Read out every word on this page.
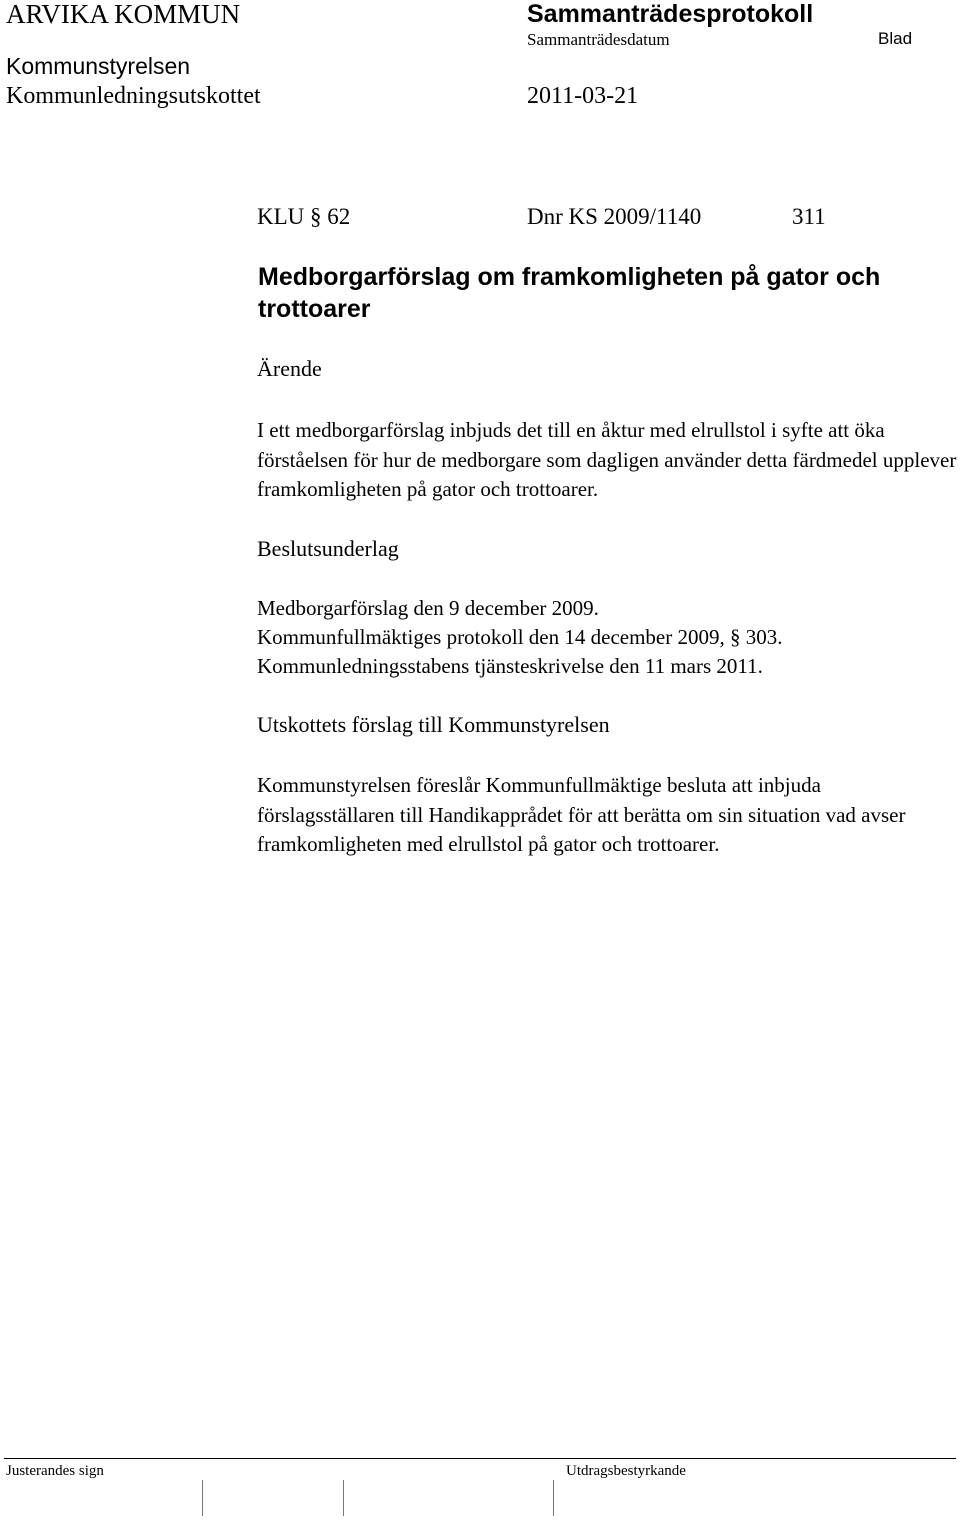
ARVIKA KOMMUN	Sammanträdesprotokoll
Sammanträdesdatum	Blad
Kommunstyrelsen
Kommunledningsutskottet	2011-03-21
KLU § 62	Dnr KS 2009/1140	311
Medborgarförslag om framkomligheten på gator och trottoarer
Ärende
I ett medborgarförslag inbjuds det till en åktur med elrullstol i syfte att öka förståelsen för hur de medborgare som dagligen använder detta färdmedel upplever framkomligheten på gator och trottoarer.
Beslutsunderlag
Medborgarförslag den 9 december 2009.
Kommunfullmäktiges protokoll den 14 december 2009, § 303.
Kommunledningsstabens tjänsteskrivelse den 11 mars 2011.
Utskottets förslag till Kommunstyrelsen
Kommunstyrelsen föreslår Kommunfullmäktige besluta att inbjuda förslagsställaren till Handikapprådet för att berätta om sin situation vad avser framkomligheten med elrullstol på gator och trottoarer.
Justerandes sign	Utdragsbestyrkande
